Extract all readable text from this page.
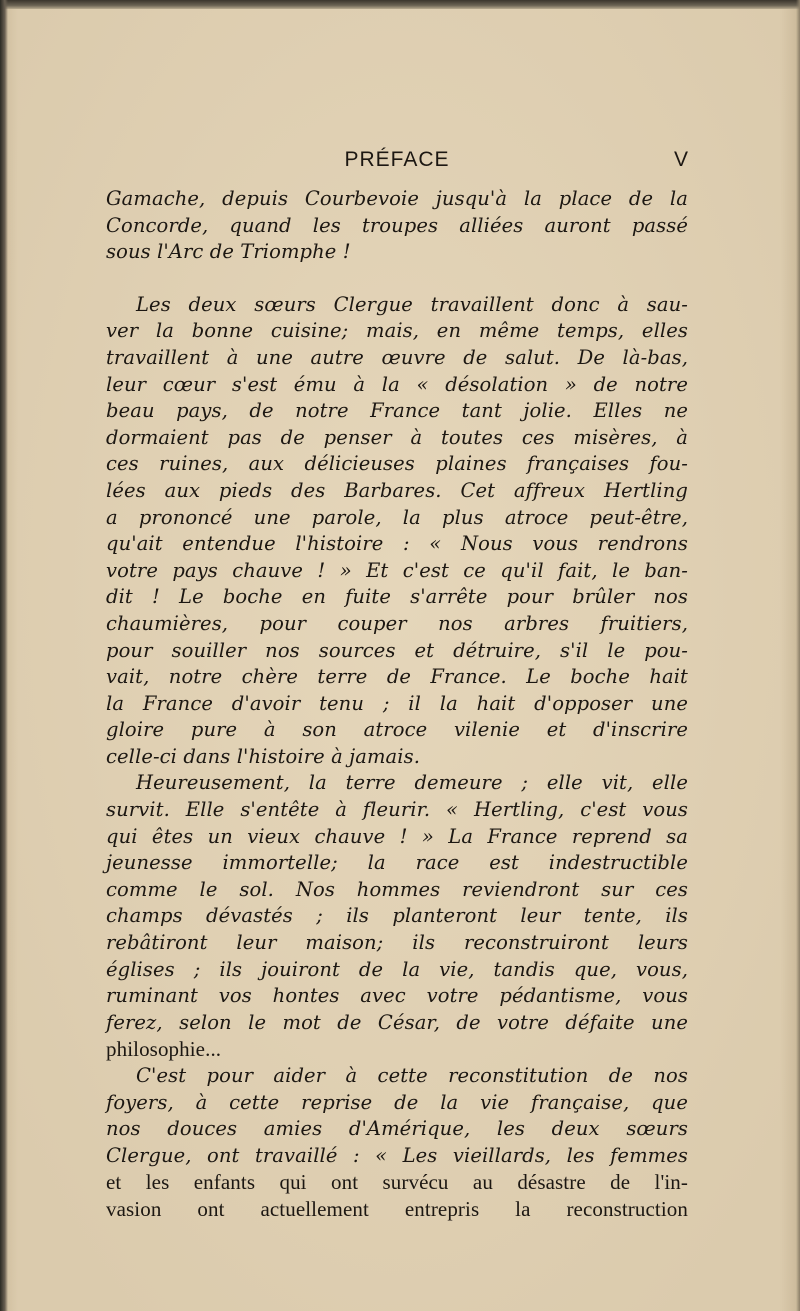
PRÉFACE	V
Gamache, depuis Courbevoie jusqu'à la place de la
Concorde, quand les troupes alliées auront passé
sous l'Arc de Triomphe !
Les deux sœurs Clergue travaillent donc à sau-
ver la bonne cuisine; mais, en même temps, elles
travaillent à une autre œuvre de salut. De là-bas,
leur cœur s'est ému à la « désolation » de notre
beau pays, de notre France tant jolie. Elles ne
dormaient pas de penser à toutes ces misères, à
ces ruines, aux délicieuses plaines françaises fou-
lées aux pieds des Barbares. Cet affreux Hertling
a prononcé une parole, la plus atroce peut-être,
qu'ait entendue l'histoire : « Nous vous rendrons
votre pays chauve ! » Et c'est ce qu'il fait, le ban-
dit ! Le boche en fuite s'arrête pour brûler nos
chaumières, pour couper nos arbres fruitiers,
pour souiller nos sources et détruire, s'il le pou-
vait, notre chère terre de France. Le boche hait
la France d'avoir tenu ; il la hait d'opposer une
gloire pure à son atroce vilenie et d'inscrire
celle-ci dans l'histoire à jamais.
Heureusement, la terre demeure ; elle vit, elle
survit. Elle s'entête à fleurir. « Hertling, c'est vous
qui êtes un vieux chauve ! » La France reprend sa
jeunesse immortelle; la race est indestructible
comme le sol. Nos hommes reviendront sur ces
champs dévastés ; ils planteront leur tente, ils
rebâtiront leur maison; ils reconstruiront leurs
églises ; ils jouiront de la vie, tandis que, vous,
ruminant vos hontes avec votre pédantisme, vous
ferez, selon le mot de César, de votre défaite une
philosophie...
C'est pour aider à cette reconstitution de nos
foyers, à cette reprise de la vie française, que
nos douces amies d'Amérique, les deux sœurs
Clergue, ont travaillé : « Les vieillards, les femmes
et les enfants qui ont survécu au désastre de l'in-
vasion ont actuellement entrepris la reconstruction
